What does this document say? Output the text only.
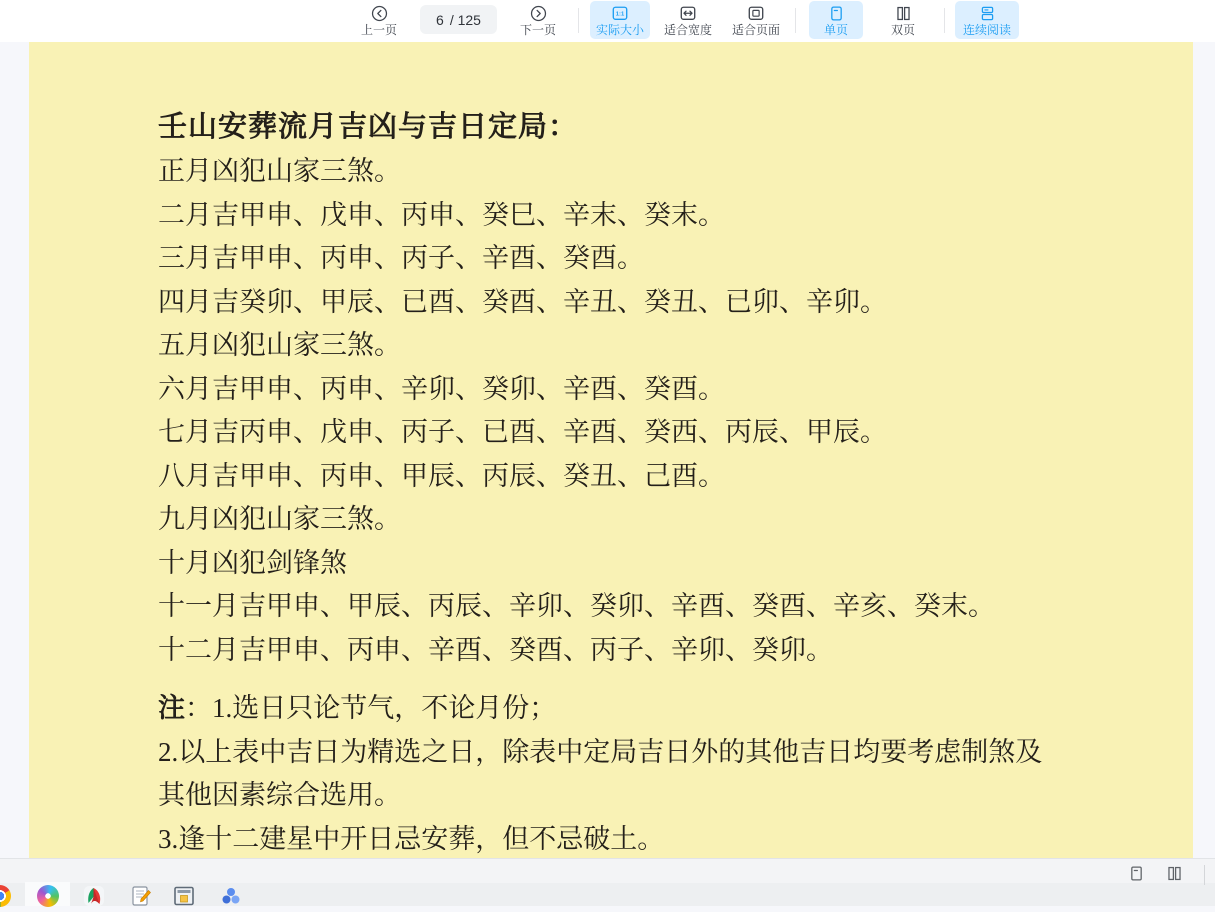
上一页
6 / 125
下一页
1:1
实际大小 适合宽度 适合页面	单页	双页	连续阅读
壬山安葬流月吉凶与吉日定局：
正月凶犯山家三煞。
二月吉甲申、戊申、丙申、癸巳、辛末、癸末。
三月吉甲申、丙申、丙子、辛酉、癸酉。
四月吉癸卯、甲辰、已酉、癸酉、辛丑、癸丑、已卯、辛卯。
五月凶犯山家三煞。
六月吉甲申、丙申、辛卯、癸卯、辛酉、癸酉。
七月吉丙申、戊申、丙子、已酉、辛酉、癸西、丙辰、甲辰。
八月吉甲申、丙申、甲辰、丙辰、癸丑、己酉。
九月凶犯山家三煞。
十月凶犯剑锋煞
十一月吉甲申、甲辰、丙辰、辛卯、癸卯、辛酉、癸酉、辛亥、癸末。
十二月吉甲申、丙申、辛酉、癸酉、丙子、辛卯、癸卯。
注：1.选日只论节气，不论月份；
2.以上表中吉日为精选之日，除表中定局吉日外的其他吉日均要考虑制煞及
其他因素综合选用。
3.逢十二建星中开日忌安葬，但不忌破土。
